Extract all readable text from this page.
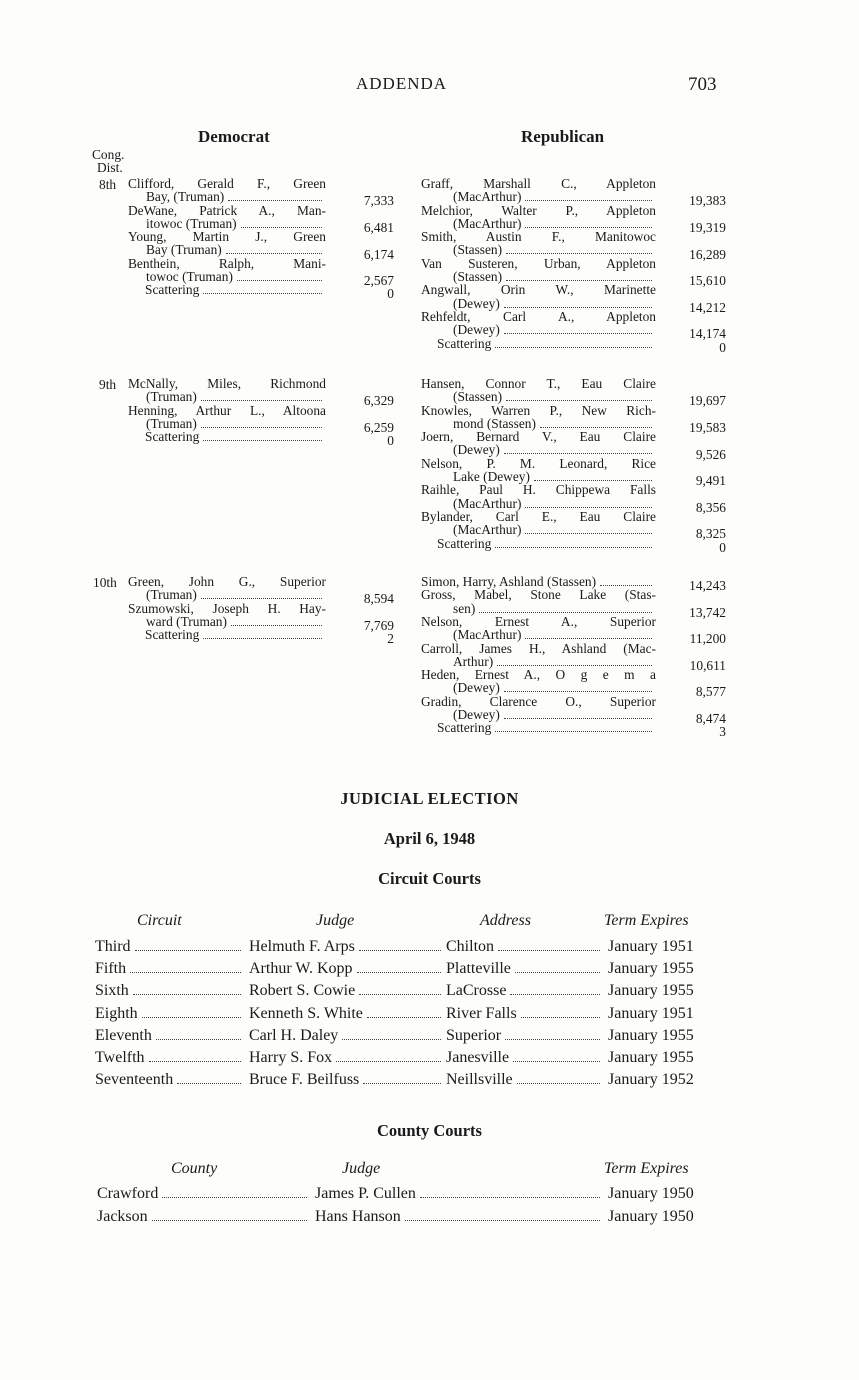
ADDENDA	703
Democrat	Republican
Cong.
Dist.
8th Clifford, Gerald F., Green
Bay, (Truman)	7,333
DeWane, Patrick A., Man-
itowoc (Truman)	6,481
Young, Martin J., Green
Bay (Truman)	6,174
Benthein, Ralph, Mani-
towoc (Truman)	2,567
Scattering	0
Graff, Marshall C., Appleton
(MacArthur)	19,383
Melchior, Walter P., Appleton
(MacArthur)	19,319
Smith, Austin F., Manitowoc
(Stassen)	16,289
Van Susteren, Urban, Appleton
(Stassen)	15,610
Angwall, Orin W., Marinette
(Dewey)	14,212
Rehfeldt, Carl A., Appleton
(Dewey)	14,174
Scattering	0
9th McNally, Miles, Richmond
(Truman)	6,329
Henning, Arthur L., Altoona
(Truman)	6,259
Scattering	0
Hansen, Connor T., Eau Claire
(Stassen)	19,697
Knowles, Warren P., New Rich-
mond (Stassen)	19,583
Joern, Bernard V., Eau Claire
(Dewey)	9,526
Nelson, P. M. Leonard, Rice
Lake (Dewey)	9,491
Raihle, Paul H. Chippewa Falls
(MacArthur)	8,356
Bylander, Carl E., Eau Claire
(MacArthur)	8,325
Scattering	0
10th Green, John G., Superior
(Truman)	8,594
Szumowski, Joseph H. Hay-
ward (Truman)	7,769
Scattering	2
Simon, Harry, Ashland (Stassen)	14,243
Gross, Mabel, Stone Lake (Stas-
sen)	13,742
Nelson, Ernest A., Superior
(MacArthur)	11,200
Carroll, James H., Ashland (Mac-
Arthur)	10,611
Heden, Ernest A., O g e m a
(Dewey)	8,577
Gradin, Clarence O., Superior
(Dewey)	8,474
Scattering	3
JUDICIAL ELECTION
April 6, 1948
Circuit Courts
Circuit	Judge	Address	Term Expires
Third	Helmuth F. Arps	Chilton	January 1951
Fifth	Arthur W. Kopp	Platteville	January 1955
Sixth	Robert S. Cowie	LaCrosse	January 1955
Eighth	Kenneth S. White	River Falls	January 1951
Eleventh	Carl H. Daley	Superior	January 1955
Twelfth	Harry S. Fox	Janesville	January 1955
Seventeenth	Bruce F. Beilfuss	Neillsville	January 1952
County Courts
County	Judge	Term Expires
Crawford	James P. Cullen	January 1950
Jackson	Hans Hanson	January 1950
